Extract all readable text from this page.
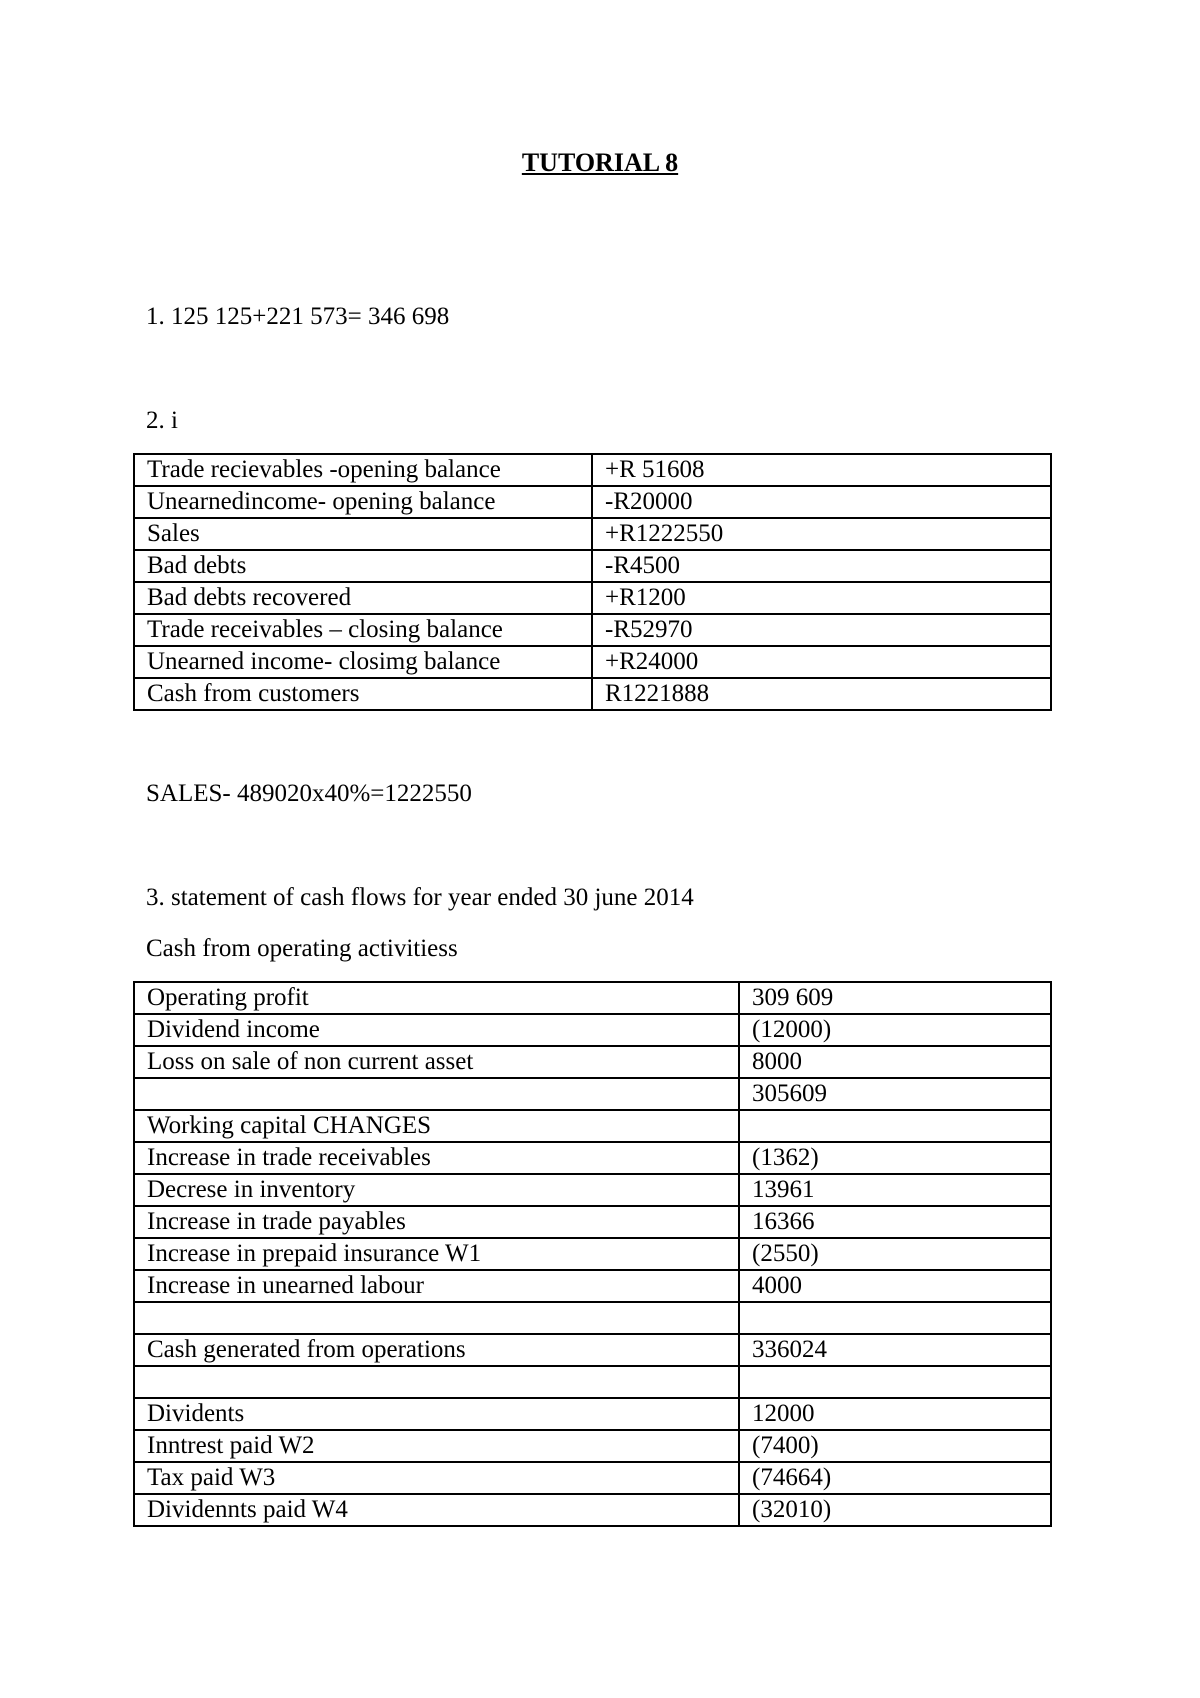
TUTORIAL 8
1. 125 125+221 573= 346 698
2. i
Trade recievables -opening balance	+R 51608
Unearnedincome- opening balance	-R20000
Sales	+R1222550
Bad debts	-R4500
Bad debts recovered	+R1200
Trade receivables – closing balance	-R52970
Unearned income- closimg balance	+R24000
Cash from customers	R1221888
SALES- 489020x40%=1222550
3. statement of cash flows for year ended 30 june 2014
Cash from operating activitiess
Operating profit	309 609
Dividend income	(12000)
Loss on sale of non current asset	8000
	305609
Working capital CHANGES	
Increase in trade receivables	(1362)
Decrese in inventory	13961
Increase in trade payables	16366
Increase in prepaid insurance W1	(2550)
Increase in unearned labour	4000

Cash generated from operations	336024

Dividents	12000
Inntrest paid W2	(7400)
Tax paid W3	(74664)
Dividennts paid W4	(32010)
